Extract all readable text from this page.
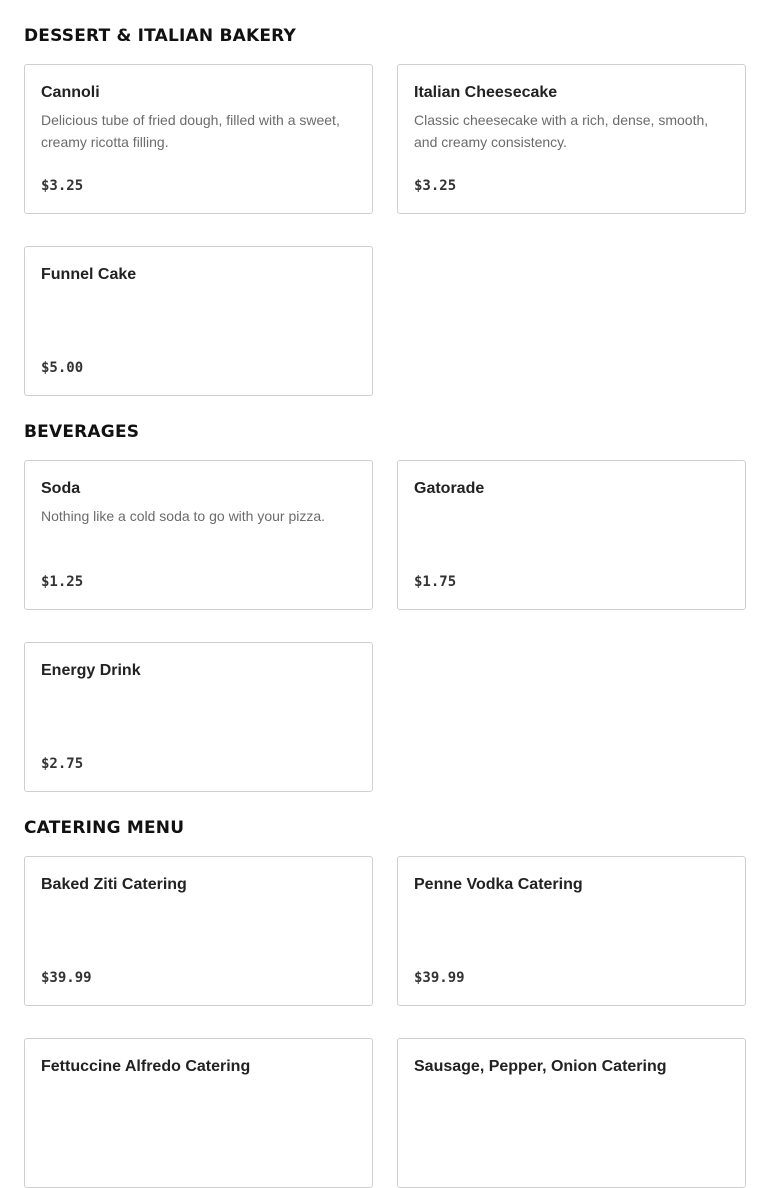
DESSERT & ITALIAN BAKERY
Cannoli
Delicious tube of fried dough, filled with a sweet, creamy ricotta filling.
$3.25
Italian Cheesecake
Classic cheesecake with a rich, dense, smooth, and creamy consistency.
$3.25
Funnel Cake
$5.00
BEVERAGES
Soda
Nothing like a cold soda to go with your pizza.
$1.25
Gatorade
$1.75
Energy Drink
$2.75
CATERING MENU
Baked Ziti Catering
$39.99
Penne Vodka Catering
$39.99
Fettuccine Alfredo Catering	Sausage, Pepper, Onion Catering
